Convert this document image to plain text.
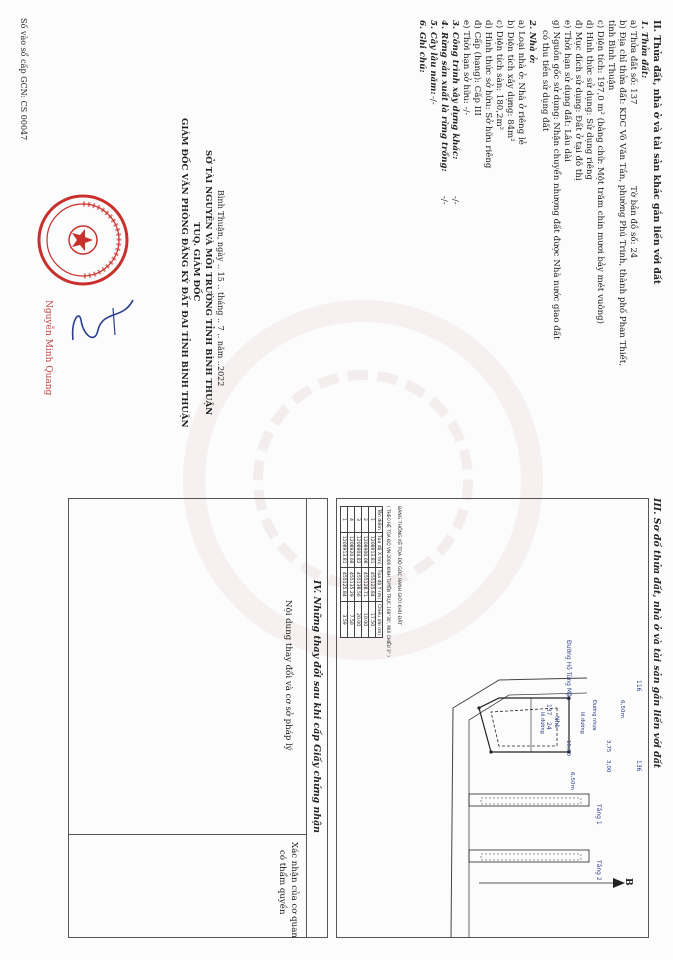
II. Thửa đất, nhà ở và tài sản khác gắn liền với đất
1. Thửa đất:
a) Thửa đất số: 137
Tờ bản đồ số: 24
b) Địa chỉ thửa đất: KDC Võ Văn Tần, phường Phú Trinh, thành phố Phan Thiết,
tỉnh Bình Thuận
c) Diện tích: 197,0 m² (bằng chữ: Một trăm chín mươi bảy mét vuông)
d) Hình thức sử dụng: Sử dụng riêng
đ) Mục đích sử dụng: Đất ở tại đô thị
e) Thời hạn sử dụng đất: Lâu dài
g) Nguồn gốc sử dụng: Nhận chuyển nhượng đất được Nhà nước giao đất
có thu tiền sử dụng đất
2. Nhà ở:
a) Loại nhà ở: Nhà ở riêng lẻ
b) Diện tích xây dựng: 84m²
c) Diện tích sàn: 180,2m²
d) Hình thức sở hữu: Sở hữu riêng
đ) Cấp (hạng): Cấp III
e) Thời hạn sở hữu: -/-
3. Công trình xây dựng khác:
-/-
4. Rừng sản xuất là rừng trồng:
-/-
5. Cây lâu năm:
-/-
6. Ghi chú:
Bình Thuận, ngày .. 15 .. tháng .. 7 .. năm ..2022
SỞ TÀI NGUYÊN VÀ MÔI TRƯỜNG TỈNH BÌNH THUẬN
TUQ. GIÁM ĐỐC
GIÁM ĐỐC VĂN PHÒNG ĐĂNG KÝ ĐẤT ĐAI TỈNH BÌNH THUẬN
Nguyễn Minh Quang
Số vào sổ cấp GCN: CS 00047
III. Sơ đồ thửa đất, nhà ở và tài sản gắn liền với đất
Đường Hồ Tùng Mậu
Đường nhựa
lề đường	lề đường
Nhà
137
24
Tầng 1
Tầng 2
6,50m
6,50m
15,30	3,75
3,00
B
116
136
BẢNG THỐNG KÊ TỌA ĐỘ GÓC RANH GIỚI KHU ĐẤT
( THEO HỆ TỌA ĐỘ VN-2000 KINH TUYẾN TRỤC 108°30', MÚI CHIẾU 3° )
Tên điểm	Tọa độ X (m)	Tọa độ Y (m)	Chiều dài (m)
1	1208913.81	455125.84	17.50
2	1208900.08	455128.71	10.00
3	1208904.82	455138.56	20.00
4	1208920.68	455135.29	7.50
1	1208913.81	455125.84	3.59
IV. Những thay đổi sau khi cấp Giấy chứng nhận
Nội dung thay đổi và cơ sở pháp lý
Xác nhận của cơ quan
có thẩm quyền
